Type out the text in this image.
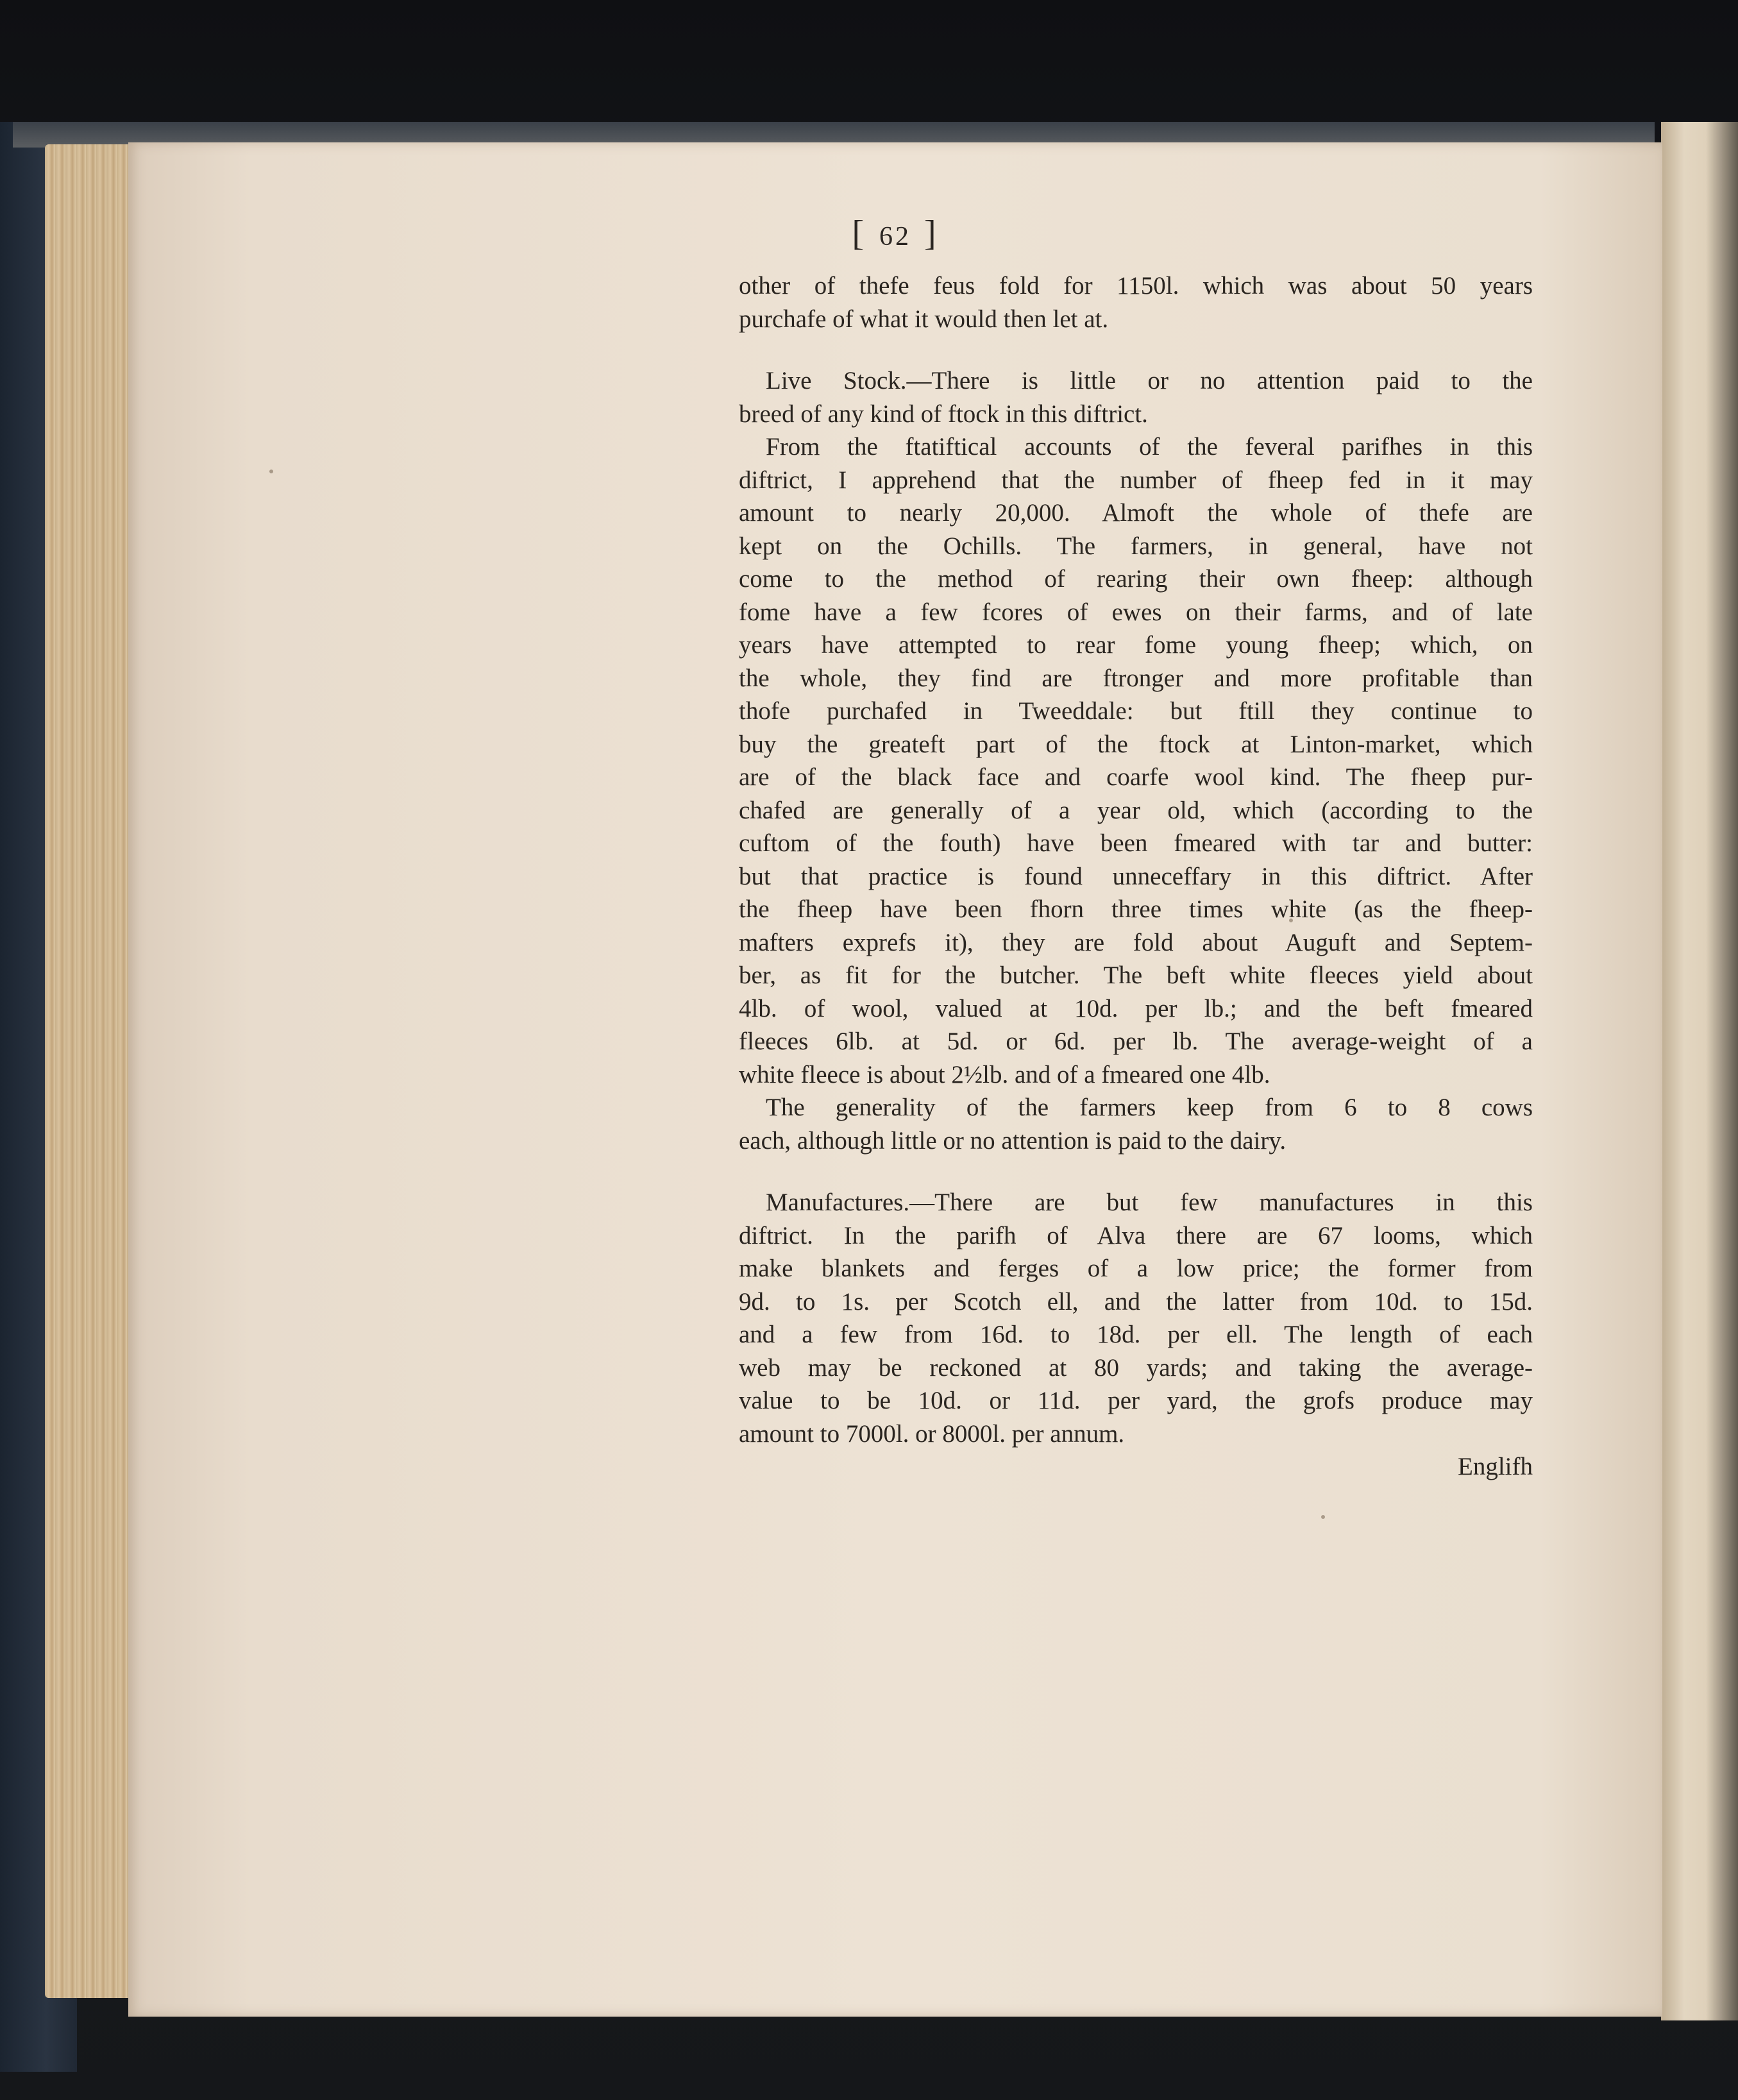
[ 62 ]
other of thefe feus fold for 1150l. which was about 50 years
purchafe of what it would then let at.
Live Stock.—There is little or no attention paid to the
breed of any kind of ftock in this diftrict.
From the ftatiftical accounts of the feveral parifhes in this
diftrict, I apprehend that the number of fheep fed in it may
amount to nearly 20,000. Almoft the whole of thefe are
kept on the Ochills. The farmers, in general, have not
come to the method of rearing their own fheep: although
fome have a few fcores of ewes on their farms, and of late
years have attempted to rear fome young fheep; which, on
the whole, they find are ftronger and more profitable than
thofe purchafed in Tweeddale: but ftill they continue to
buy the greateft part of the ftock at Linton-market, which
are of the black face and coarfe wool kind. The fheep pur-
chafed are generally of a year old, which (according to the
cuftom of the fouth) have been fmeared with tar and butter:
but that practice is found unneceffary in this diftrict. After
the fheep have been fhorn three times white (as the fheep-
mafters exprefs it), they are fold about Auguft and Septem-
ber, as fit for the butcher. The beft white fleeces yield about
4lb. of wool, valued at 10d. per lb.; and the beft fmeared
fleeces 6lb. at 5d. or 6d. per lb. The average-weight of a
white fleece is about 2½lb. and of a fmeared one 4lb.
The generality of the farmers keep from 6 to 8 cows
each, although little or no attention is paid to the dairy.
Manufactures.—There are but few manufactures in this
diftrict. In the parifh of Alva there are 67 looms, which
make blankets and ferges of a low price; the former from
9d. to 1s. per Scotch ell, and the latter from 10d. to 15d.
and a few from 16d. to 18d. per ell. The length of each
web may be reckoned at 80 yards; and taking the average-
value to be 10d. or 11d. per yard, the grofs produce may
amount to 7000l. or 8000l. per annum.
Englifh
